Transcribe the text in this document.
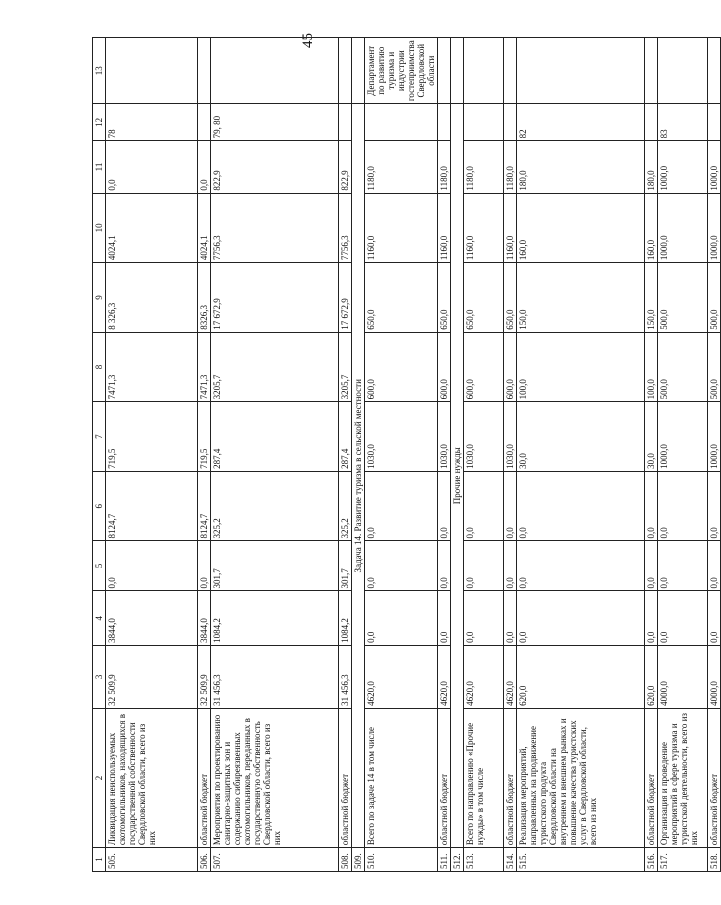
45
1	2	3	4	5	6	7	8	9	10	11	12	13
505.	Ликвидация неиспользуемых скотомогильников, находящихся в государственной собственности Свердловской области, всего из них	32 509,9	3844,0	0,0	8124,7	719,5	7471,3	8 326,3	4024,1	0,0	78	
506.	областной бюджет	32 509,9	3844,0	0,0	8124,7	719,5	7471,3	8326,3	4024,1	0,0		
507.	Мероприятия по проектированию санитарно-защитных зон и содержанию сибиреязвенных скотомогильников, переданных в государственную собственность Свердловской области, всего из них	31 456,3	1084,2	301,7	325,2	287,4	3205,7	17 672,9	7756,3	822,9	79, 80	
508.	областной бюджет	31 456,3	1084,2	301,7	325,2	287,4	3205,7	17 672,9	7756,3	822,9		
509.	Задача 14. Развитие туризма в сельской местности											
510.	Всего по задаче 14 в том числе	4620,0	0,0	0,0	0,0	1030,0	600,0	650,0	1160,0	1180,0		Департамент по развитию туризма и индустрии гостеприимства Свердловской области
511.	областной бюджет	4620,0	0,0	0,0	0,0	1030,0	600,0	650,0	1160,0	1180,0		
512.	Прочие нужды											
513.	Всего по направлению «Прочие нужды» в том числе	4620,0	0,0	0,0	0,0	1030,0	600,0	650,0	1160,0	1180,0		
514.	областной бюджет	4620,0	0,0	0,0	0,0	1030,0	600,0	650,0	1160,0	1180,0		
515.	Реализация мероприятий, направленных на продвижение туристского продукта Свердловской области на внутреннем и внешнем рынках и повышение качества туристских услуг в Свердловской области, всего из них	620,0	0,0	0,0	0,0	30,0	100,0	150,0	160,0	180,0	82	
516.	областной бюджет	620,0	0,0	0,0	0,0	30,0	100,0	150,0	160,0	180,0		
517.	Организация и проведение мероприятий в сфере туризма и туристской деятельности, всего из них	4000,0	0,0	0,0	0,0	1000,0	500,0	500,0	1000,0	1000,0	83	
518.	областной бюджет	4000,0	0,0	0,0	0,0	1000,0	500,0	500,0	1000,0	1000,0		
